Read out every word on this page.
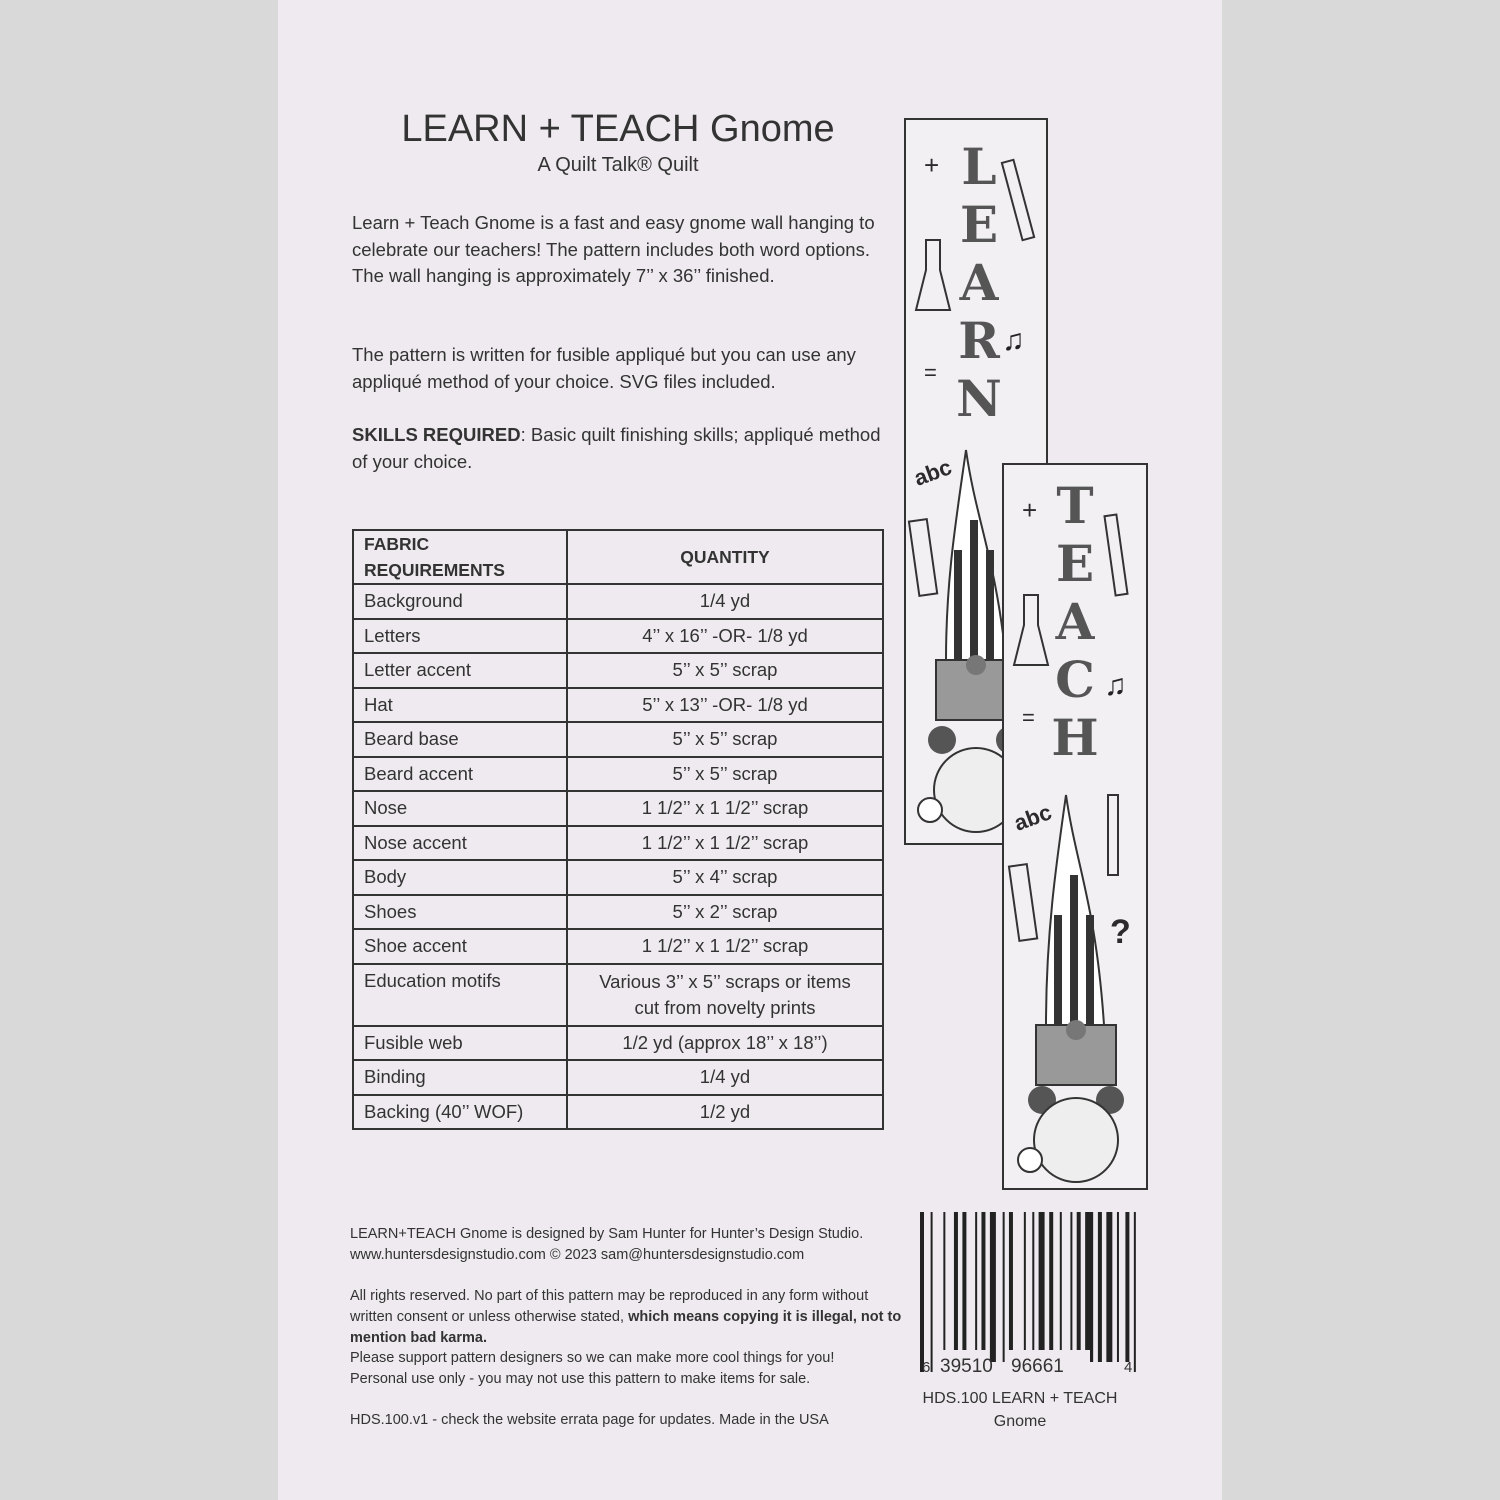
LEARN + TEACH Gnome
A Quilt Talk® Quilt
Learn + Teach Gnome is a fast and easy gnome wall hanging to celebrate our teachers! The pattern includes both word options. The wall hanging is approximately 7’’ x 36’’ finished.
The pattern is written for fusible appliqué but you can use any appliqué method of your choice. SVG files included.
SKILLS REQUIRED: Basic quilt finishing skills; appliqué method of your choice.
FABRIC REQUIREMENTS	QUANTITY
Background	1/4 yd
Letters	4’’ x 16’’ -OR- 1/8 yd
Letter accent	5’’ x 5’’ scrap
Hat	5’’ x 13’’ -OR- 1/8 yd
Beard base	5’’ x 5’’ scrap
Beard accent	5’’ x 5’’ scrap
Nose	1 1/2’’ x 1 1/2’’ scrap
Nose accent	1 1/2’’ x 1 1/2’’ scrap
Body	5’’ x 4’’ scrap
Shoes	5’’ x 2’’ scrap
Shoe accent	1 1/2’’ x 1 1/2’’ scrap
Education motifs	Various 3’’ x 5’’ scraps or items cut from novelty prints
Fusible web	1/2 yd (approx 18’’ x 18’’)
Binding	1/4 yd
Backing (40’’ WOF)	1/2 yd
LEARN+TEACH Gnome is designed by Sam Hunter for Hunter’s Design Studio.
www.huntersdesignstudio.com © 2023 sam@huntersdesignstudio.com
All rights reserved. No part of this pattern may be reproduced in any form without written consent or unless otherwise stated, which means copying it is illegal, not to mention bad karma.
Please support pattern designers so we can make more cool things for you!
Personal use only - you may not use this pattern to make items for sale.
HDS.100.v1 - check the website errata page for updates. Made in the USA
6 39510 96661	4
HDS.100 LEARN + TEACH
Gnome
LEARN
+
=
abc
♫
TEACH
+
=
abc
?
♫
